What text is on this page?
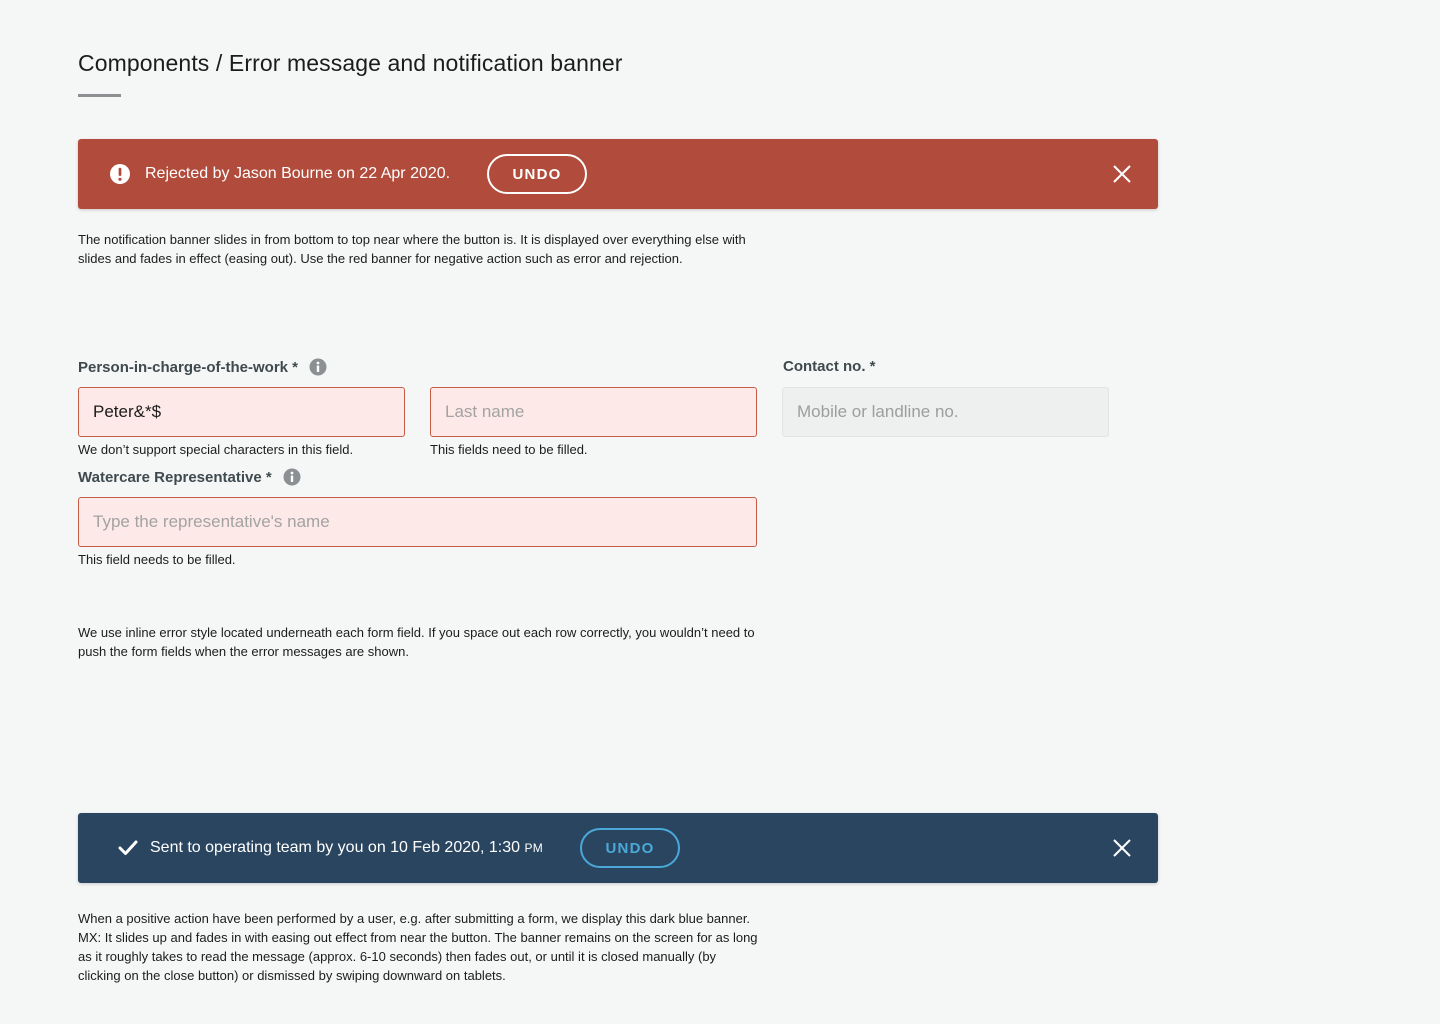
Components / Error message and notification banner
Rejected by Jason Bourne on 22 Apr 2020.	UNDO

The notification banner slides in from bottom to top near where the button is. It is displayed over everything else with slides and fades in effect (easing out). Use the red banner for negative action such as error and rejection.

Person-in-charge-of-the-work *
Peter&*$
We don’t support special characters in this field.
Last name	This fields need to be filled.
Contact no. *
Mobile or landline no.
Watercare Representative *
Type the representative's name
This field needs to be filled.

We use inline error style located underneath each form field. If you space out each row correctly, you wouldn’t need to push the form fields when the error messages are shown.

Sent to operating team by you on 10 Feb 2020, 1:30 PM	UNDO

When a positive action have been performed by a user, e.g. after submitting a form, we display this dark blue banner. MX: It slides up and fades in with easing out effect from near the button. The banner remains on the screen for as long as it roughly takes to read the message (approx. 6-10 seconds) then fades out, or until it is closed manually (by clicking on the close button) or dismissed by swiping downward on tablets.
